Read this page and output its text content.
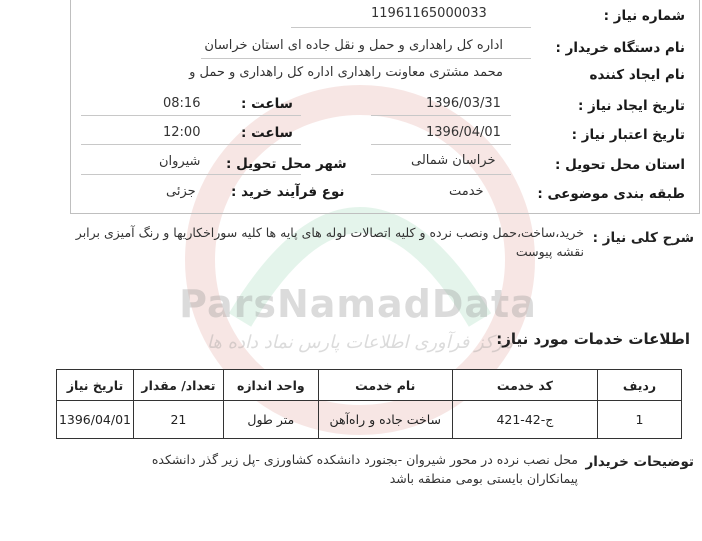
ParsNamadData
مرکز فرآوری اطلاعات پارس نماد داده ها
شماره نیاز :
11961165000033
نام دستگاه خریدار :
اداره کل راهداری و حمل و نقل جاده ای استان خراسان
نام ایجاد کننده
محمد مشتری معاونت راهداری اداره کل راهداری و حمل و
تاریخ ایجاد نیاز :
1396/03/31
ساعت :
08:16
تاریخ اعتبار نیاز :
1396/04/01
ساعت :
12:00
استان محل تحویل :
خراسان شمالی
شهر محل تحویل :
شیروان
طبقه بندی موضوعی :
خدمت
نوع فرآیند خرید :
جزئی
شرح کلی نیاز :
خرید،ساخت،حمل ونصب نرده و کلیه اتصالات لوله های پایه ها کلیه سوراخکاریها و رنگ آمیزی برابر نقشه پیوست
اطلاعات خدمات مورد نیاز:
ردیف	کد خدمت	نام خدمت	واحد اندازه	تعداد/ مقدار	تاریخ نیاز
1	ج-42-421	ساخت جاده و راه‌آهن	متر طول	21	1396/04/01
توضیحات خریدار
محل نصب نرده در محور شیروان -بجنورد دانشکده کشاورزی -پل زیر گذر دانشکده پیمانکاران بایستی بومی منطقه باشد
